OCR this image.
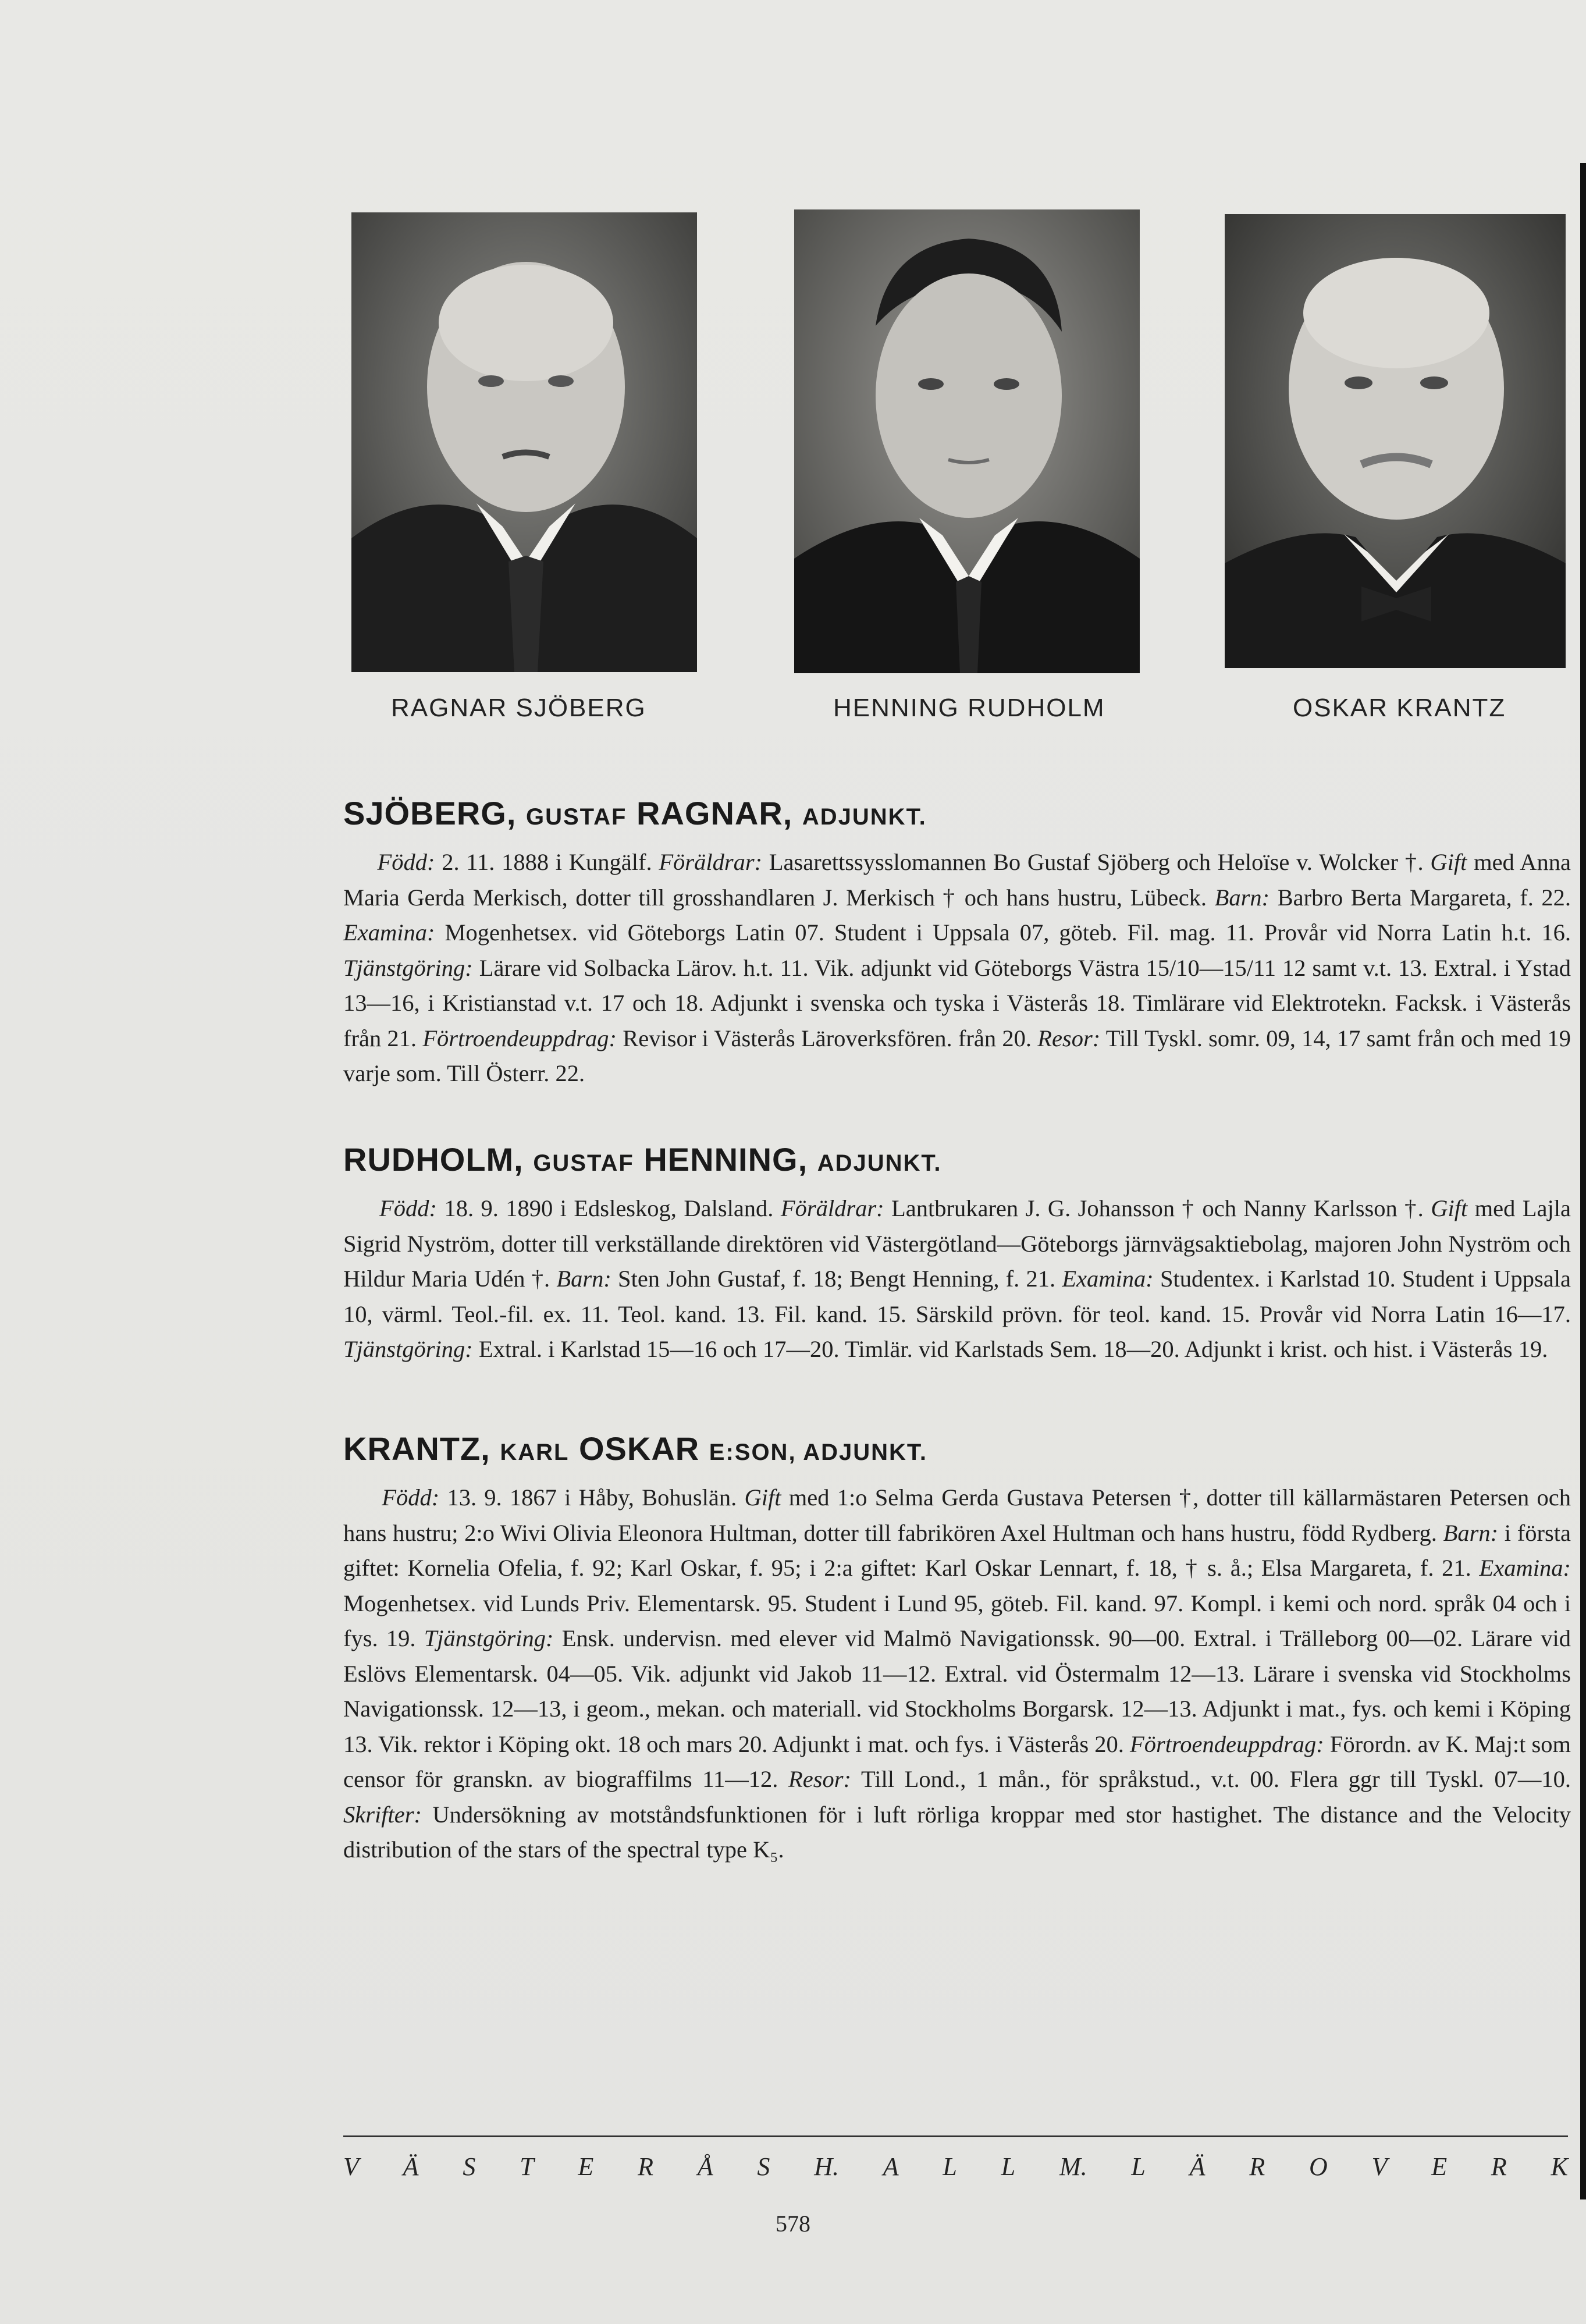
RAGNAR SJÖBERG	HENNING RUDHOLM	OSKAR KRANTZ
SJÖBERG, GUSTAF RAGNAR, ADJUNKT.

Född: 2. 11. 1888 i Kungälf. Föräldrar: Lasarettssysslomannen Bo Gustaf Sjöberg och Heloïse v. Wolcker †. Gift med Anna Maria Gerda Merkisch, dotter till grosshandlaren J. Merkisch † och hans hustru, Lübeck. Barn: Barbro Berta Margareta, f. 22. Examina: Mogenhetsex. vid Göteborgs Latin 07. Student i Uppsala 07, göteb. Fil. mag. 11. Provår vid Norra Latin h.t. 16. Tjänstgöring: Lärare vid Solbacka Lärov. h.t. 11. Vik. adjunkt vid Göteborgs Västra 15/10—15/11 12 samt v.t. 13. Extral. i Ystad 13—16, i Kristianstad v.t. 17 och 18. Adjunkt i svenska och tyska i Västerås 18. Timlärare vid Elektrotekn. Facksk. i Västerås från 21. Förtroendeuppdrag: Revisor i Västerås Läroverksfören. från 20. Resor: Till Tyskl. somr. 09, 14, 17 samt från och med 19 varje som. Till Österr. 22.

RUDHOLM, GUSTAF HENNING, ADJUNKT.

Född: 18. 9. 1890 i Edsleskog, Dalsland. Föräldrar: Lantbrukaren J. G. Johansson † och Nanny Karlsson †. Gift med Lajla Sigrid Nyström, dotter till verkställande direktören vid Västergötland—Göteborgs järnvägsaktiebolag, majoren John Nyström och Hildur Maria Udén †. Barn: Sten John Gustaf, f. 18; Bengt Henning, f. 21. Examina: Studentex. i Karlstad 10. Student i Uppsala 10, värml. Teol.-fil. ex. 11. Teol. kand. 13. Fil. kand. 15. Särskild prövn. för teol. kand. 15. Provår vid Norra Latin 16—17. Tjänstgöring: Extral. i Karlstad 15—16 och 17—20. Timlär. vid Karlstads Sem. 18—20. Adjunkt i krist. och hist. i Västerås 19.

KRANTZ, KARL OSKAR E:SON, ADJUNKT.

Född: 13. 9. 1867 i Håby, Bohuslän. Gift med 1:o Selma Gerda Gustava Petersen †, dotter till källarmästaren Petersen och hans hustru; 2:o Wivi Olivia Eleonora Hultman, dotter till fabrikören Axel Hultman och hans hustru, född Rydberg. Barn: i första giftet: Kornelia Ofelia, f. 92; Karl Oskar, f. 95; i 2:a giftet: Karl Oskar Lennart, f. 18, † s. å.; Elsa Margareta, f. 21. Examina: Mogenhetsex. vid Lunds Priv. Elementarsk. 95. Student i Lund 95, göteb. Fil. kand. 97. Kompl. i kemi och nord. språk 04 och i fys. 19. Tjänstgöring: Ensk. undervisn. med elever vid Malmö Navigationssk. 90—00. Extral. i Trälleborg 00—02. Lärare vid Eslövs Elementarsk. 04—05. Vik. adjunkt vid Jakob 11—12. Extral. vid Östermalm 12—13. Lärare i svenska vid Stockholms Navigationssk. 12—13, i geom., mekan. och materiall. vid Stockholms Borgarsk. 12—13. Adjunkt i mat., fys. och kemi i Köping 13. Vik. rektor i Köping okt. 18 och mars 20. Adjunkt i mat. och fys. i Västerås 20. Förtroendeuppdrag: Förordn. av K. Maj:t som censor för granskn. av biograffilms 11—12. Resor: Till Lond., 1 mån., för språkstud., v.t. 00. Flera ggr till Tyskl. 07—10. Skrifter: Undersökning av motståndsfunktionen för i luft rörliga kroppar med stor hastighet. The distance and the Velocity distribution of the stars of the spectral type K₅.

V Ä S T E R Å S H. A L L M. L Ä R O V E R K
578
